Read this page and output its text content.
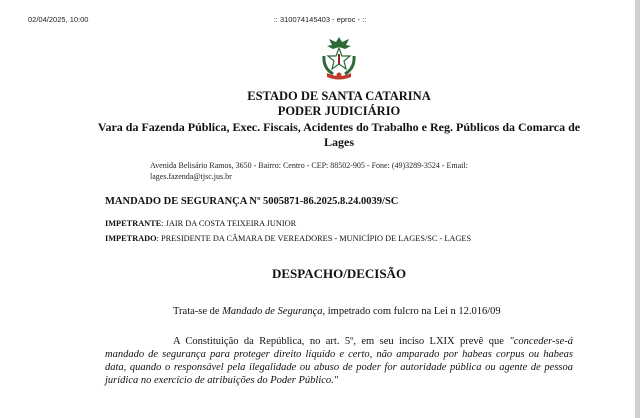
02/04/2025, 10:00	:: 310074145403 - eproc - ::
ESTADO DE SANTA CATARINA
PODER JUDICIÁRIO
Vara da Fazenda Pública, Exec. Fiscais, Acidentes do Trabalho e Reg. Públicos da Comarca de Lages
Avenida Belisário Ramos, 3650 - Bairro: Centro - CEP: 88502-905 - Fone: (49)3289-3524 - Email: lages.fazenda@tjsc.jus.br
MANDADO DE SEGURANÇA Nº 5005871-86.2025.8.24.0039/SC
IMPETRANTE: JAIR DA COSTA TEIXEIRA JUNIOR
IMPETRADO: PRESIDENTE DA CÂMARA DE VEREADORES - MUNICÍPIO DE LAGES/SC - LAGES
DESPACHO/DECISÃO
Trata-se de Mandado de Segurança, impetrado com fulcro na Lei n 12.016/09
A Constituição da República, no art. 5º, em seu inciso LXIX prevê que "conceder-se-á mandado de segurança para proteger direito líquido e certo, não amparado por habeas corpus ou habeas data, quando o responsável pela ilegalidade ou abuso de poder for autoridade pública ou agente de pessoa jurídica no exercício de atribuições do Poder Público."
